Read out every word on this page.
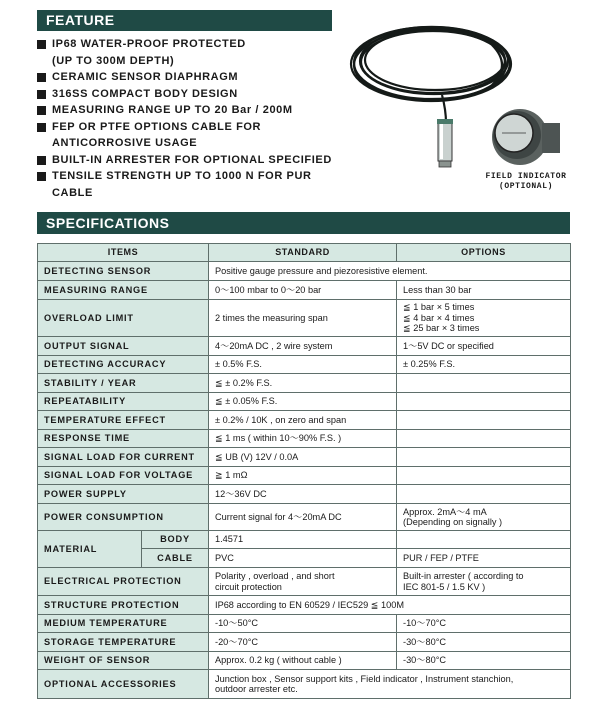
FEATURE
IP68 WATER-PROOF PROTECTED
(UP TO 300M DEPTH)
CERAMIC SENSOR DIAPHRAGM
316SS COMPACT BODY DESIGN
MEASURING RANGE UP TO 20 Bar / 200M
FEP OR PTFE OPTIONS CABLE FOR
ANTICORROSIVE USAGE
BUILT-IN ARRESTER FOR OPTIONAL SPECIFIED
TENSILE STRENGTH UP TO 1000 N FOR PUR
CABLE
FIELD INDICATOR
(OPTIONAL)
SPECIFICATIONS
ITEMS		STANDARD	OPTIONS
DETECTING SENSOR		Positive gauge pressure and piezoresistive element.	
MEASURING RANGE		0～100 mbar to 0～20 bar	Less than 30 bar
OVERLOAD LIMIT		2 times the measuring span	≦ 1 bar × 5 times
≦ 4 bar × 4 times
≦ 25 bar × 3 times
OUTPUT SIGNAL		4～20mA DC , 2 wire system	1～5V DC or specified
DETECTING ACCURACY		± 0.5% F.S.	± 0.25% F.S.
STABILITY / YEAR		≦ ± 0.2% F.S.	
REPEATABILITY		≦ ± 0.05% F.S.	
TEMPERATURE EFFECT		± 0.2% / 10K , on zero and span	
RESPONSE TIME		≦ 1 ms ( within 10～90% F.S. )	
SIGNAL LOAD FOR CURRENT		≦ UB (V) 12V / 0.0A	
SIGNAL LOAD FOR VOLTAGE		≧ 1 mΩ	
POWER SUPPLY		12～36V DC	
POWER CONSUMPTION		Current signal for 4～20mA DC	Approx. 2mA～4 mA
(Depending on signally )
MATERIAL	BODY	1.4571	
	CABLE	PVC	PUR / FEP / PTFE
ELECTRICAL PROTECTION		Polarity , overload , and short
circuit protection	Built-in arrester ( according to
IEC 801-5 / 1.5 KV )
STRUCTURE PROTECTION		IP68 according to EN 60529 / IEC529 ≦ 100M	
MEDIUM TEMPERATURE		-10～50°C	-10～70°C
STORAGE TEMPERATURE		-20～70°C	-30～80°C
WEIGHT OF SENSOR		Approx. 0.2 kg ( without cable )	-30～80°C
OPTIONAL ACCESSORIES		Junction box , Sensor support kits , Field indicator , Instrument stanchion,
outdoor arrester etc.	
